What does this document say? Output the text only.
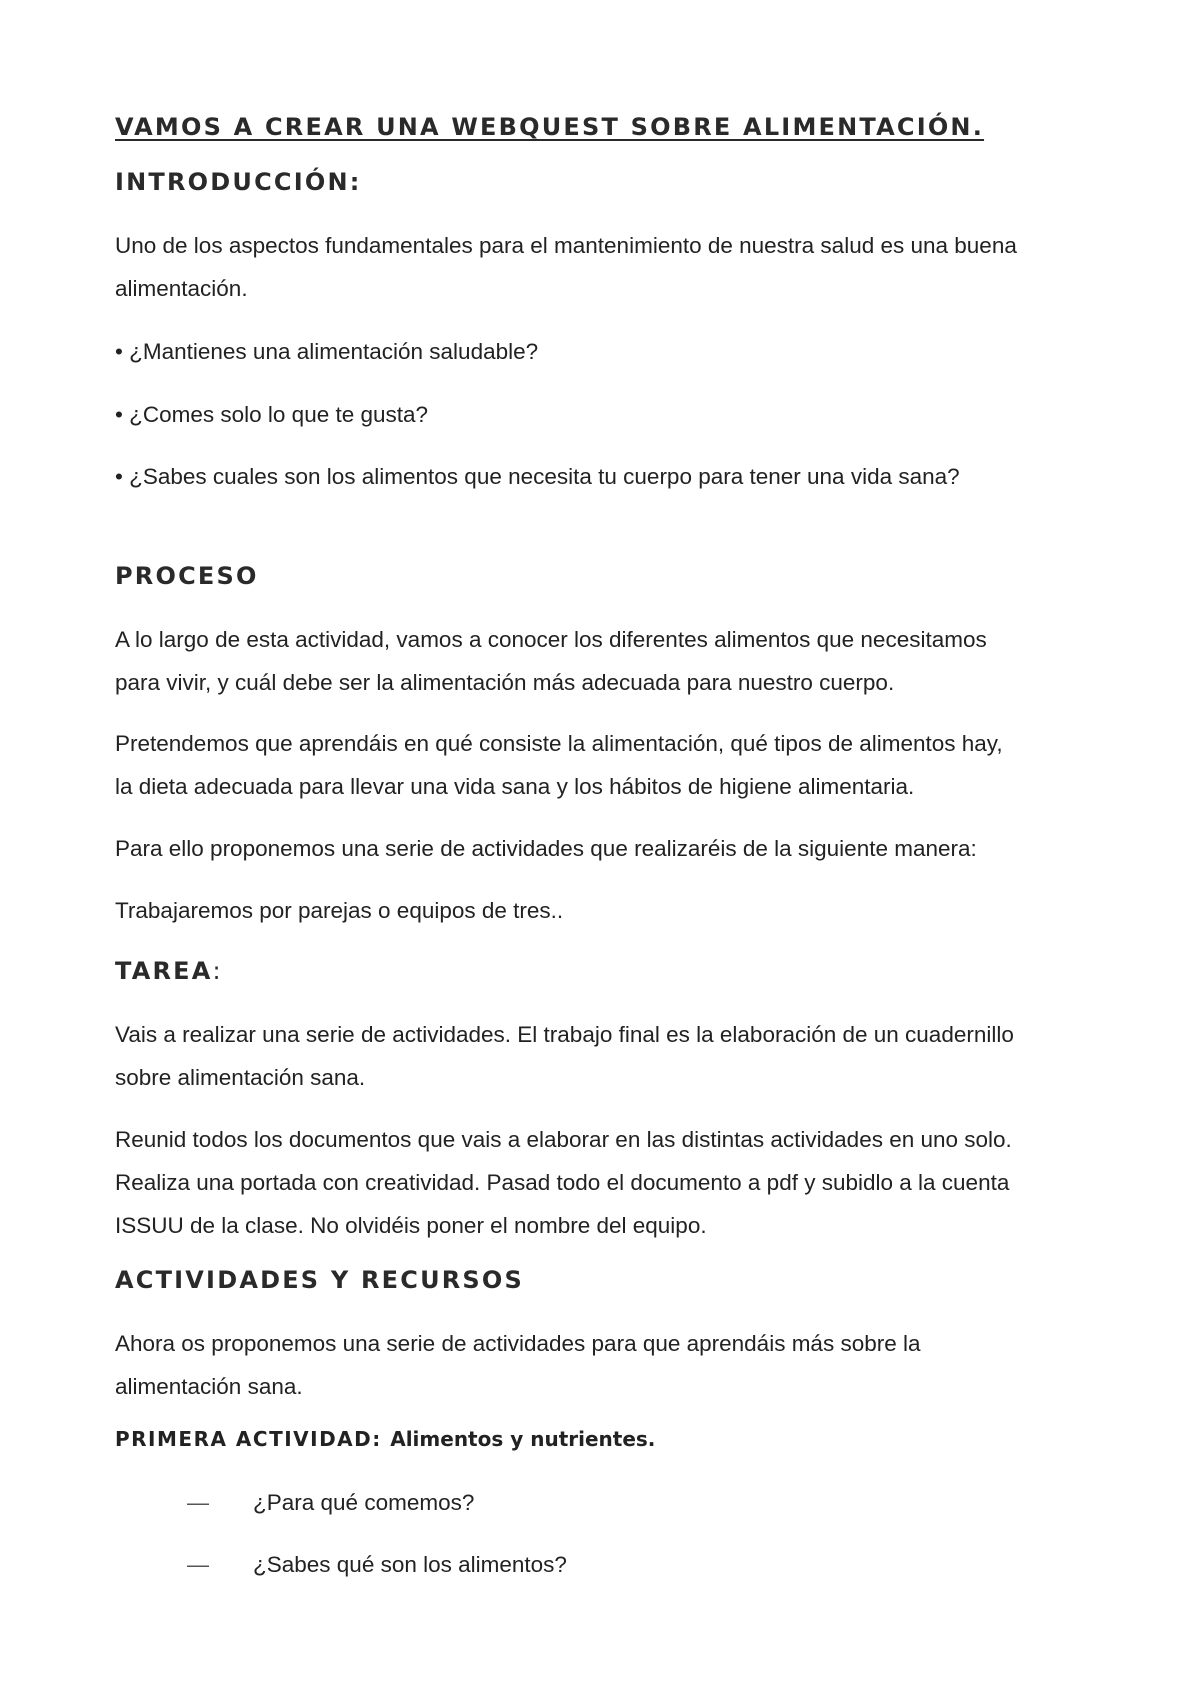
VAMOS A CREAR UNA WEBQUEST SOBRE ALIMENTACIÓN.
INTRODUCCIÓN:
Uno de los aspectos fundamentales para el mantenimiento de nuestra salud es una buena
alimentación.
• ¿Mantienes una alimentación saludable?
• ¿Comes solo lo que te gusta?
• ¿Sabes cuales son los alimentos que necesita tu cuerpo para tener una vida sana?
PROCESO
A lo largo de esta actividad, vamos a conocer los diferentes alimentos que necesitamos
para vivir, y cuál debe ser la alimentación más adecuada para nuestro cuerpo.
Pretendemos que aprendáis en qué consiste la alimentación, qué tipos de alimentos hay,
la dieta adecuada para llevar una vida sana y los hábitos de higiene alimentaria.
Para ello proponemos una serie de actividades que realizaréis de la siguiente manera:
Trabajaremos por parejas o equipos de tres..
TAREA:
Vais a realizar una serie de actividades. El trabajo final es la elaboración de un cuadernillo
sobre alimentación sana.
Reunid todos los documentos que vais a elaborar en las distintas actividades en uno solo.
Realiza una portada con creatividad. Pasad todo el documento a pdf y subidlo a la cuenta
ISSUU de la clase. No olvidéis poner el nombre del equipo.
ACTIVIDADES Y RECURSOS
Ahora os proponemos una serie de actividades para que aprendáis más sobre la
alimentación sana.
PRIMERA ACTIVIDAD: Alimentos y nutrientes.
— ¿Para qué comemos?
— ¿Sabes qué son los alimentos?
